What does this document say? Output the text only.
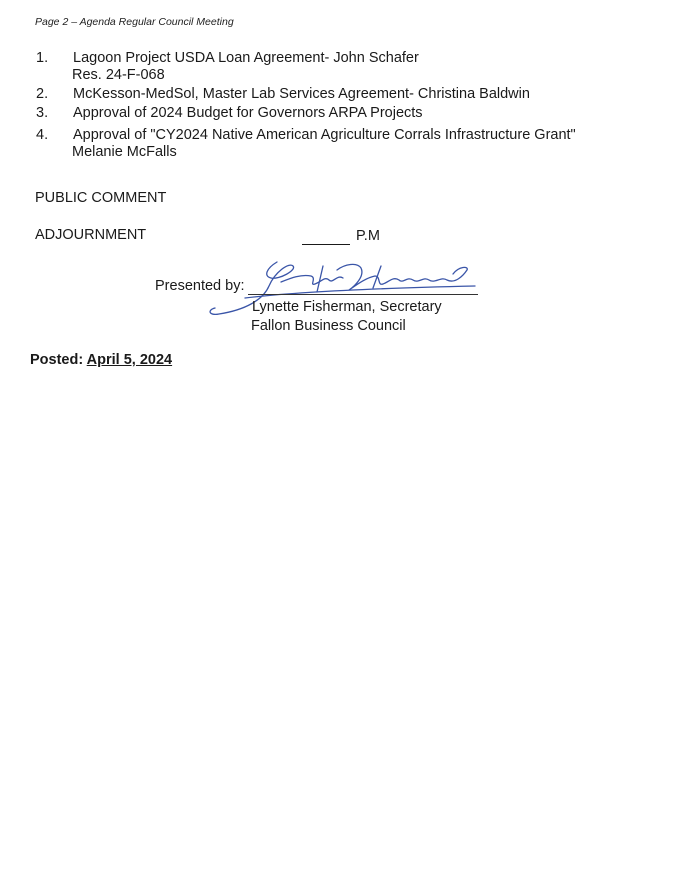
Page 2 – Agenda Regular Council Meeting
1. Lagoon Project USDA Loan Agreement- John Schafer
Res. 24-F-068
2. McKesson-MedSol, Master Lab Services Agreement- Christina Baldwin
3. Approval of 2024 Budget for Governors ARPA Projects
4. Approval of "CY2024 Native American Agriculture Corrals Infrastructure Grant"
Melanie McFalls
PUBLIC COMMENT
ADJOURNMENT	P.M
Presented by:
Lynette Fisherman, Secretary
Fallon Business Council
Posted: April 5, 2024
